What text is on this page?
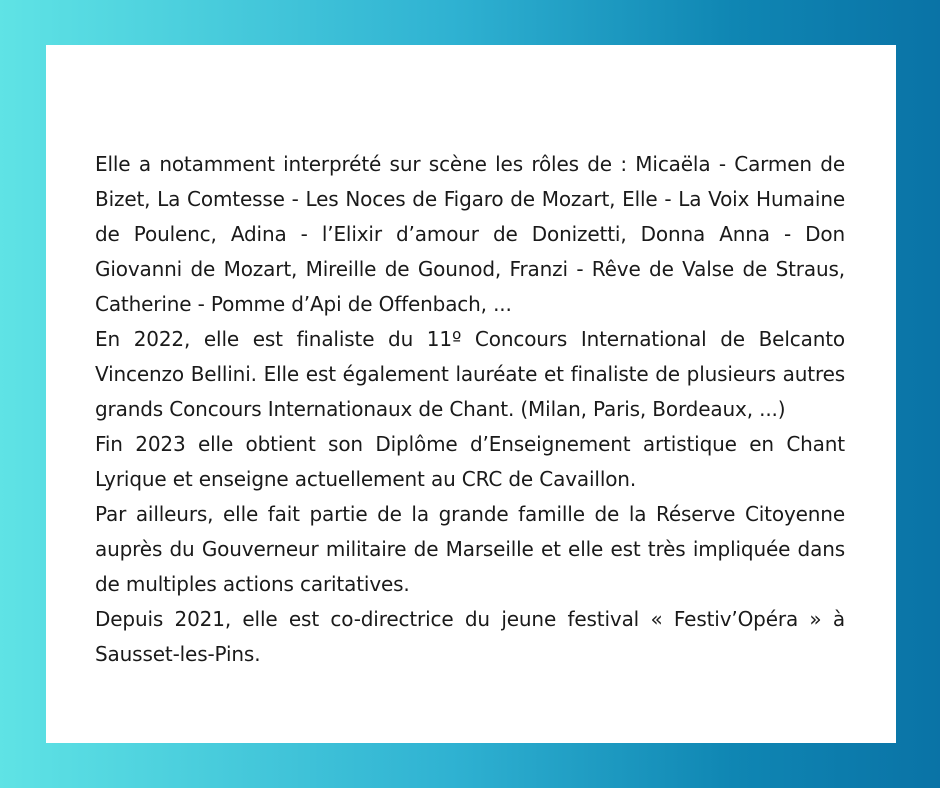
Elle a notamment interprété sur scène les rôles de : Micaëla - Carmen de Bizet, La Comtesse - Les Noces de Figaro de Mozart, Elle - La Voix Humaine de Poulenc, Adina - l’Elixir d’amour de Donizetti, Donna Anna - Don Giovanni de Mozart, Mireille de Gounod, Franzi - Rêve de Valse de Straus, Catherine - Pomme d’Api de Offenbach, ...

En 2022, elle est finaliste du 11º Concours International de Belcanto Vincenzo Bellini. Elle est également lauréate et finaliste de plusieurs autres grands Concours Internationaux de Chant. (Milan, Paris, Bordeaux, ...)

Fin 2023 elle obtient son Diplôme d’Enseignement artistique en Chant Lyrique et enseigne actuellement au CRC de Cavaillon.

Par ailleurs, elle fait partie de la grande famille de la Réserve Citoyenne auprès du Gouverneur militaire de Marseille et elle est très impliquée dans de multiples actions caritatives.

Depuis 2021, elle est co-directrice du jeune festival « Festiv’Opéra » à Sausset-les-Pins.
